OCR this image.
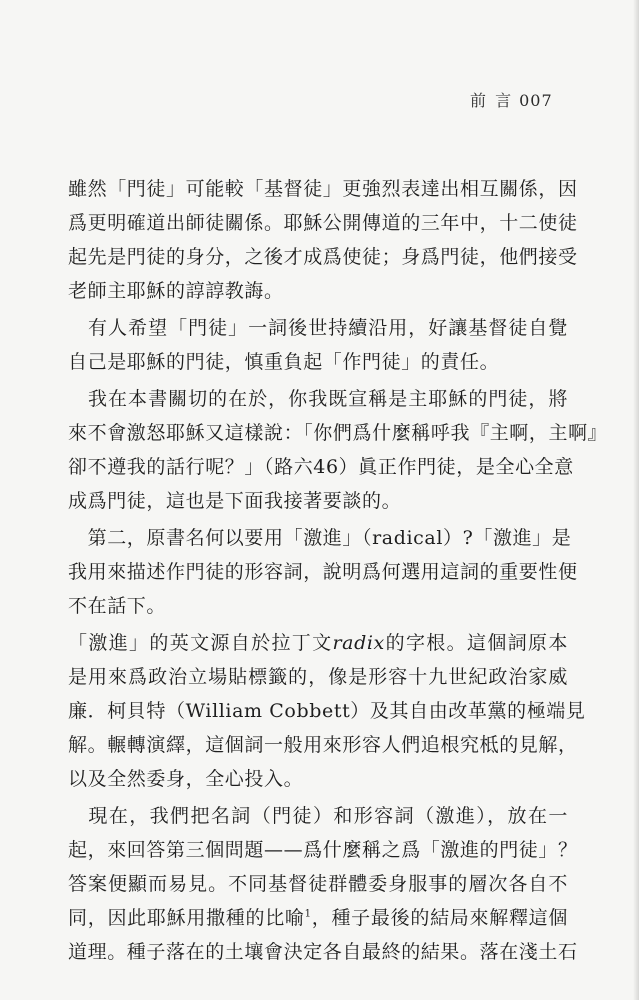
前 言 007
雖然「門徒」可能較「基督徒」更強烈表達出相互關係，因
爲更明確道出師徒關係。耶穌公開傳道的三年中，十二使徒
起先是門徒的身分，之後才成爲使徒；身爲門徒，他們接受
老師主耶穌的諄諄教誨。
　有人希望「門徒」一詞後世持續沿用，好讓基督徒自覺
自己是耶穌的門徒，慎重負起「作門徒」的責任。
　我在本書關切的在於，你我既宣稱是主耶穌的門徒，將
來不會激怒耶穌又這樣說：「你們爲什麼稱呼我『主啊，主啊』
卻不遵我的話行呢？」（路六46）眞正作門徒，是全心全意
成爲門徒，這也是下面我接著要談的。
　第二，原書名何以要用「激進」（radical）?「激進」是
我用來描述作門徒的形容詞，說明爲何選用這詞的重要性便
不在話下。
「激進」的英文源自於拉丁文radix的字根。這個詞原本
是用來爲政治立場貼標籤的，像是形容十九世紀政治家威
廉．柯貝特（William Cobbett）及其自由改革黨的極端見
解。輾轉演繹，這個詞一般用來形容人們追根究柢的見解，
以及全然委身，全心投入。
　現在，我們把名詞（門徒）和形容詞（激進），放在一
起，來回答第三個問題——爲什麼稱之爲「激進的門徒」？
答案便顯而易見。不同基督徒群體委身服事的層次各自不
同，因此耶穌用撒種的比喻$^1$，種子最後的結局來解釋這個
道理。種子落在的土壤會決定各自最終的結果。落在淺土石
